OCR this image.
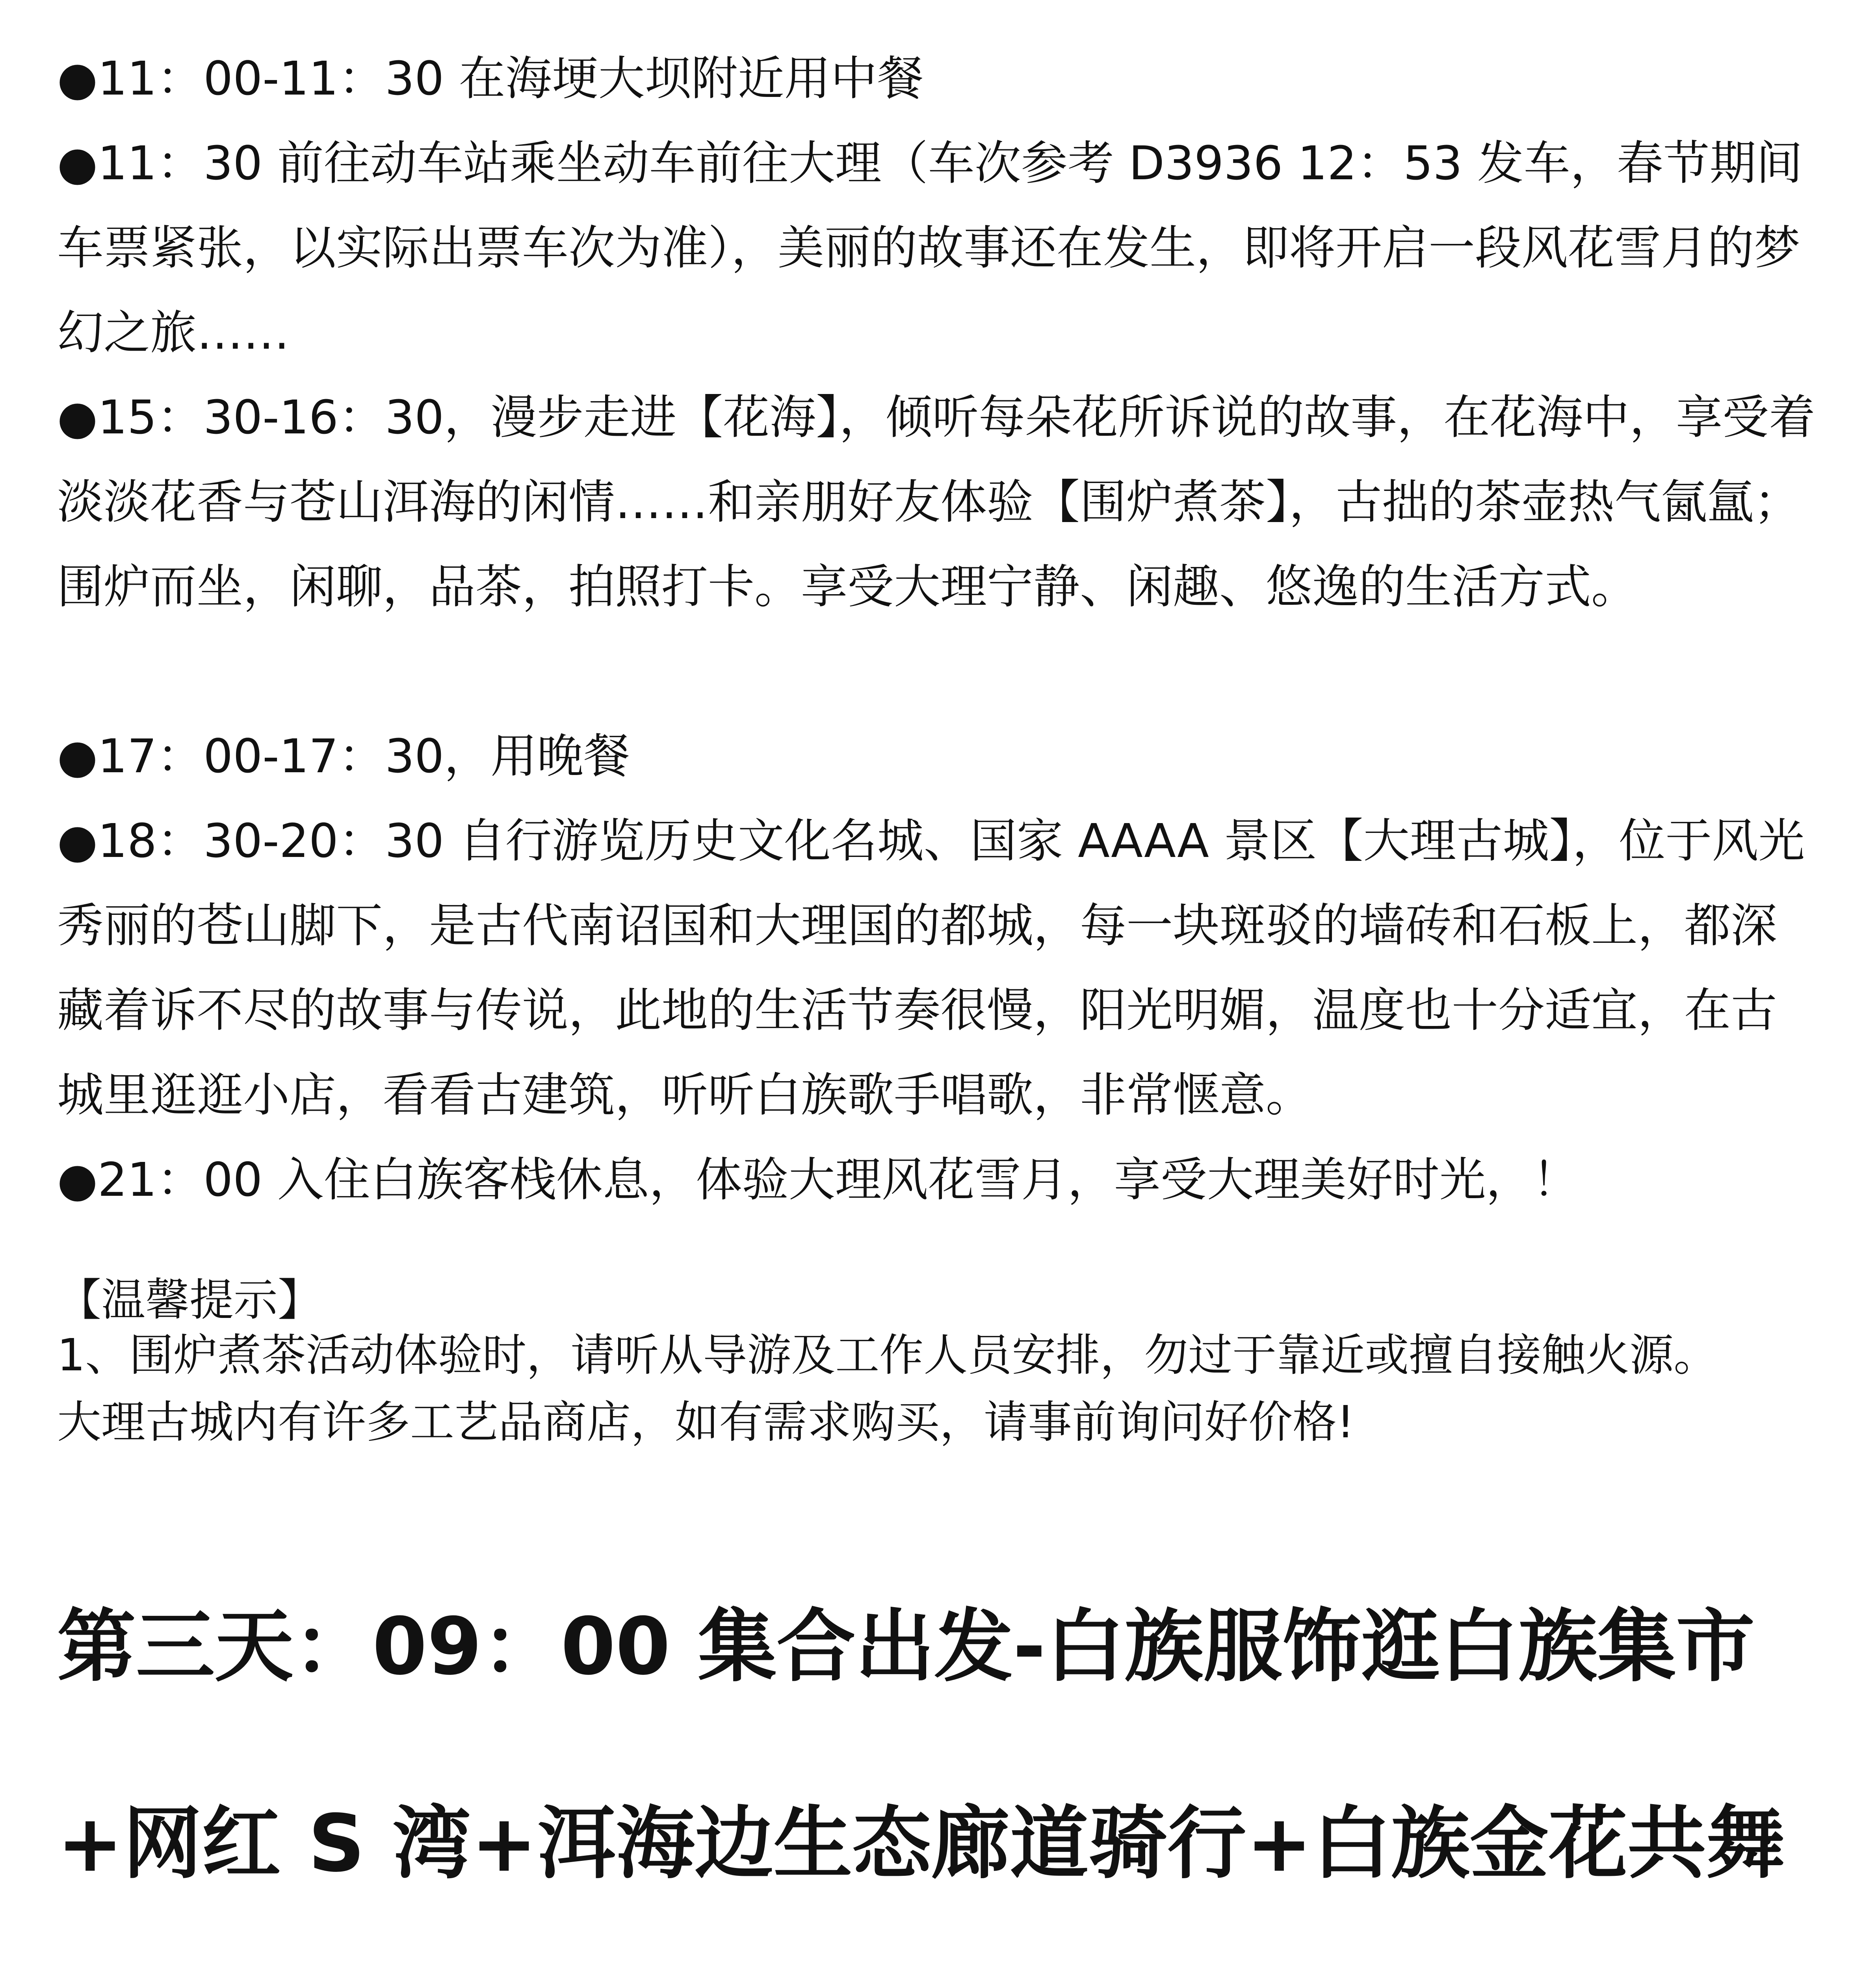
●11：00-11：30 在海埂大坝附近用中餐

●11：30 前往动车站乘坐动车前往大理（车次参考 D3936 12：53 发车，春节期间车票紧张，以实际出票车次为准），美丽的故事还在发生，即将开启一段风花雪月的梦幻之旅……

●15：30-16：30，漫步走进【花海】，倾听每朵花所诉说的故事，在花海中，享受着淡淡花香与苍山洱海的闲情……和亲朋好友体验【围炉煮茶】，古拙的茶壶热气氤氲；围炉而坐，闲聊，品茶，拍照打卡。享受大理宁静、闲趣、悠逸的生活方式。

●17：00-17：30，用晚餐

●18：30-20：30 自行游览历史文化名城、国家 AAAA 景区【大理古城】，位于风光秀丽的苍山脚下，是古代南诏国和大理国的都城，每一块斑驳的墙砖和石板上，都深藏着诉不尽的故事与传说，此地的生活节奏很慢，阳光明媚，温度也十分适宜，在古城里逛逛小店，看看古建筑，听听白族歌手唱歌，非常惬意。

●21：00 入住白族客栈休息，体验大理风花雪月，享受大理美好时光，！

【温馨提示】

1、围炉煮茶活动体验时，请听从导游及工作人员安排，勿过于靠近或擅自接触火源。

大理古城内有许多工艺品商店，如有需求购买，请事前询问好价格!

第三天：09：00 集合出发-白族服饰逛白族集市+网红 S 湾+洱海边生态廊道骑行+白族金花共舞
